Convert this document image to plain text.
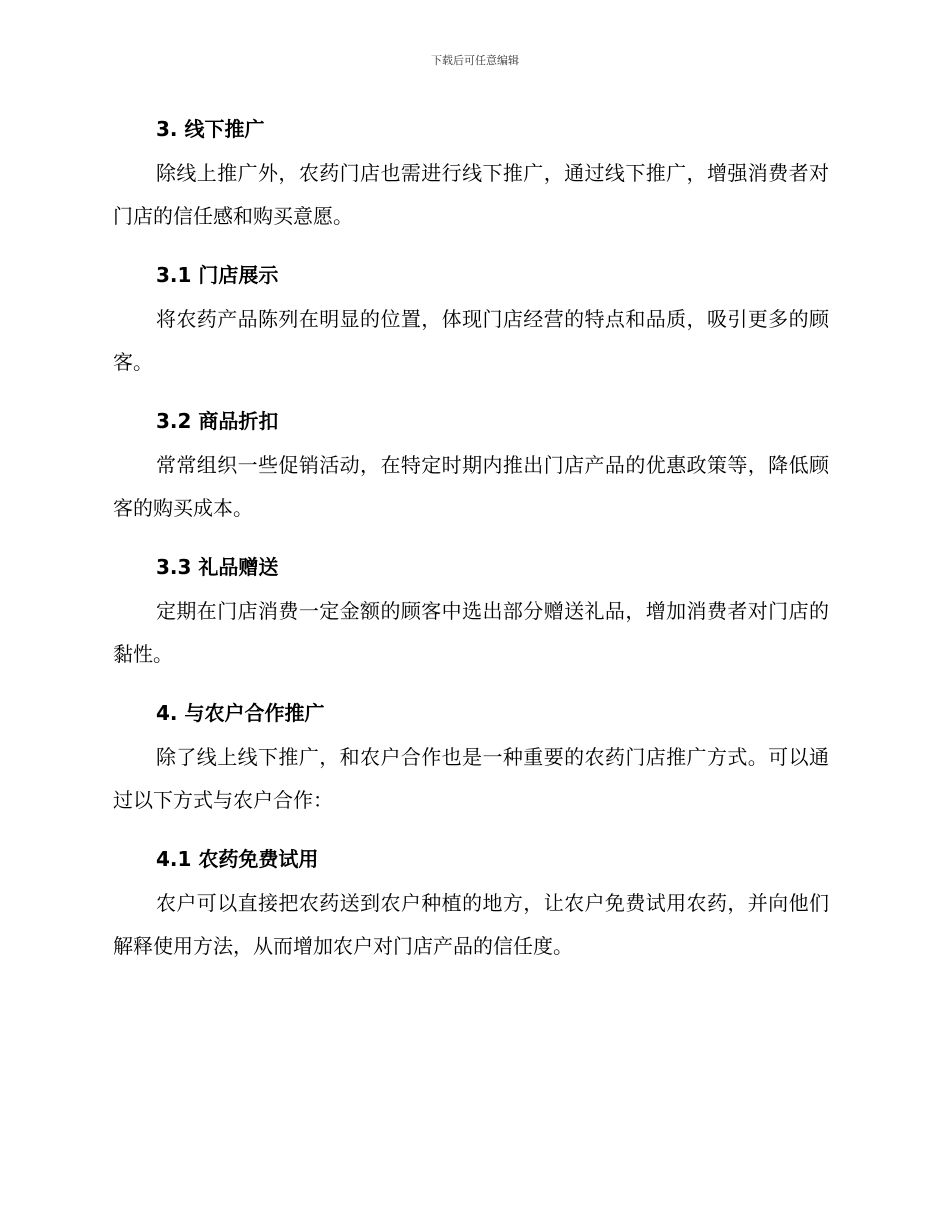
下载后可任意编辑
3. 线下推广

除线上推广外，农药门店也需进行线下推广，通过线下推广，增强消费者对门店的信任感和购买意愿。

3.1 门店展示

将农药产品陈列在明显的位置，体现门店经营的特点和品质，吸引更多的顾客。

3.2 商品折扣

常常组织一些促销活动，在特定时期内推出门店产品的优惠政策等，降低顾客的购买成本。

3.3 礼品赠送

定期在门店消费一定金额的顾客中选出部分赠送礼品，增加消费者对门店的黏性。

4. 与农户合作推广

除了线上线下推广，和农户合作也是一种重要的农药门店推广方式。可以通过以下方式与农户合作：

4.1 农药免费试用

农户可以直接把农药送到农户种植的地方，让农户免费试用农药，并向他们解释使用方法，从而增加农户对门店产品的信任度。
